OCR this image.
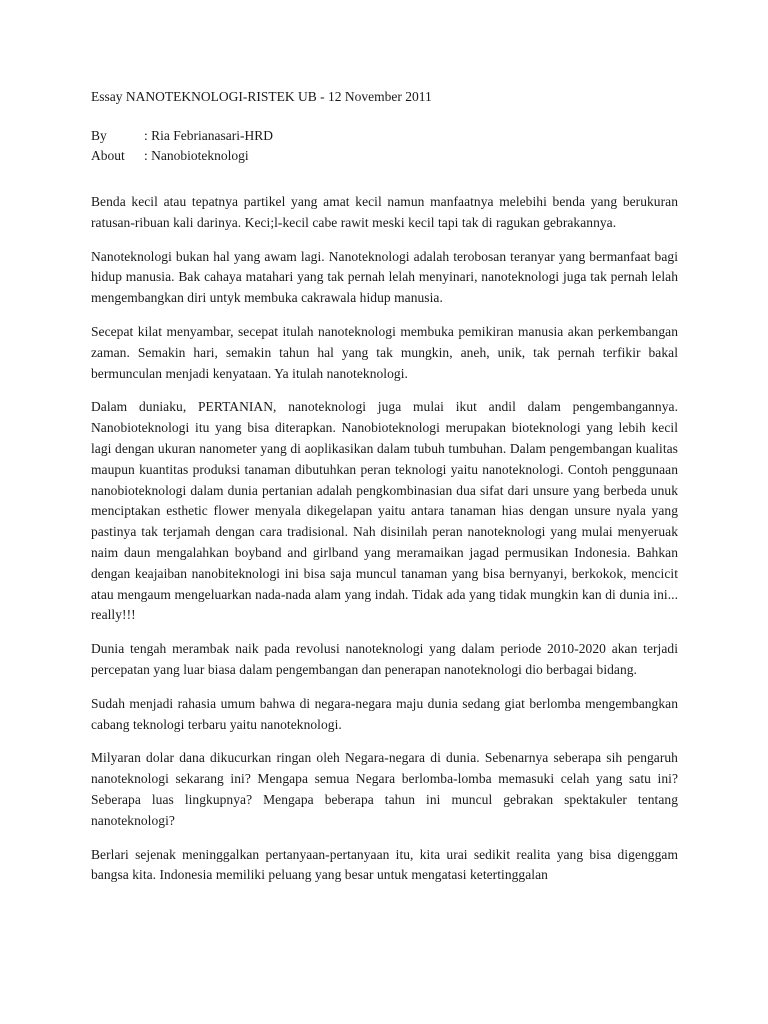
Essay NANOTEKNOLOGI-RISTEK UB - 12 November 2011
By	: Ria Febrianasari-HRD
About : Nanobioteknologi

Benda kecil atau tepatnya partikel yang amat kecil namun manfaatnya melebihi benda yang berukuran ratusan-ribuan kali darinya. Keci;l-kecil cabe rawit meski kecil tapi tak di ragukan gebrakannya.

Nanoteknologi bukan hal yang awam lagi. Nanoteknologi adalah terobosan teranyar yang bermanfaat bagi hidup manusia. Bak cahaya matahari yang tak pernah lelah menyinari, nanoteknologi juga tak pernah lelah mengembangkan diri untyk membuka cakrawala hidup manusia.

Secepat kilat menyambar, secepat itulah nanoteknologi membuka pemikiran manusia akan perkembangan zaman. Semakin hari, semakin tahun hal yang tak mungkin, aneh, unik, tak pernah terfikir bakal bermunculan menjadi kenyataan. Ya itulah nanoteknologi.

Dalam duniaku, PERTANIAN, nanoteknologi juga mulai ikut andil dalam pengembangannya. Nanobioteknologi itu yang bisa diterapkan. Nanobioteknologi merupakan bioteknologi yang lebih kecil lagi dengan ukuran nanometer yang di aoplikasikan dalam tubuh tumbuhan. Dalam pengembangan kualitas maupun kuantitas produksi tanaman dibutuhkan peran teknologi yaitu nanoteknologi. Contoh penggunaan nanobioteknologi dalam dunia pertanian adalah pengkombinasian dua sifat dari unsure yang berbeda unuk menciptakan esthetic flower menyala dikegelapan yaitu antara tanaman hias dengan unsure nyala yang pastinya tak terjamah dengan cara tradisional. Nah disinilah peran nanoteknologi yang mulai menyeruak naim daun mengalahkan boyband and girlband yang meramaikan jagad permusikan Indonesia. Bahkan dengan keajaiban nanobiteknologi ini bisa saja muncul tanaman yang bisa bernyanyi, berkokok, mencicit atau mengaum mengeluarkan nada-nada alam yang indah. Tidak ada yang tidak mungkin kan di dunia ini... really!!!

Dunia tengah merambak naik pada revolusi nanoteknologi yang dalam periode 2010-2020 akan terjadi percepatan yang luar biasa dalam pengembangan dan penerapan nanoteknologi dio berbagai bidang.

Sudah menjadi rahasia umum bahwa di negara-negara maju dunia sedang giat berlomba mengembangkan cabang teknologi terbaru yaitu nanoteknologi.

Milyaran dolar dana dikucurkan ringan oleh Negara-negara di dunia. Sebenarnya seberapa sih pengaruh nanoteknologi sekarang ini? Mengapa semua Negara berlomba-lomba memasuki celah yang satu ini? Seberapa luas lingkupnya? Mengapa beberapa tahun ini muncul gebrakan spektakuler tentang nanoteknologi?

Berlari sejenak meninggalkan pertanyaan-pertanyaan itu, kita urai sedikit realita yang bisa digenggam bangsa kita. Indonesia memiliki peluang yang besar untuk mengatasi ketertinggalan
